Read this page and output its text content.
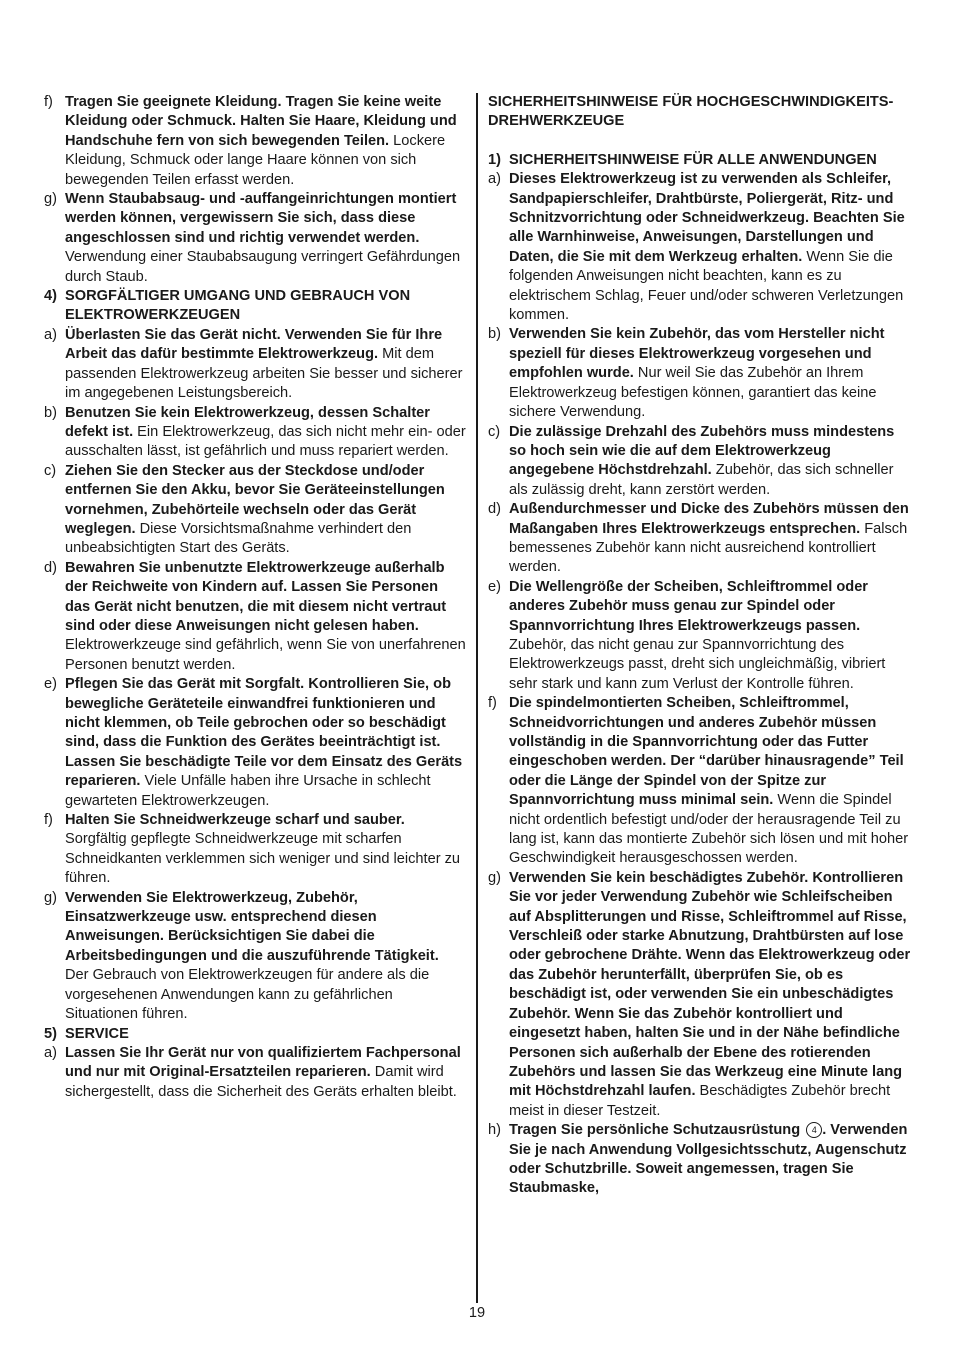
f) Tragen Sie geeignete Kleidung. Tragen Sie keine weite Kleidung oder Schmuck. Halten Sie Haare, Kleidung und Handschuhe fern von sich bewegenden Teilen. Lockere Kleidung, Schmuck oder lange Haare können von sich bewegenden Teilen erfasst werden.
g) Wenn Staubabsaug- und -auffangeinrichtungen montiert werden können, vergewissern Sie sich, dass diese angeschlossen sind und richtig verwendet werden. Verwendung einer Staubabsaugung verringert Gefährdungen durch Staub.
4) SORGFÄLTIGER UMGANG UND GEBRAUCH VON ELEKTROWERKZEUGEN
a) Überlasten Sie das Gerät nicht. Verwenden Sie für Ihre Arbeit das dafür bestimmte Elektrowerkzeug. Mit dem passenden Elektrowerkzeug arbeiten Sie besser und sicherer im angegebenen Leistungsbereich.
b) Benutzen Sie kein Elektrowerkzeug, dessen Schalter defekt ist. Ein Elektrowerkzeug, das sich nicht mehr ein- oder ausschalten lässt, ist gefährlich und muss repariert werden.
c) Ziehen Sie den Stecker aus der Steckdose und/oder entfernen Sie den Akku, bevor Sie Geräteeinstellungen vornehmen, Zubehörteile wechseln oder das Gerät weglegen. Diese Vorsichtsmaßnahme verhindert den unbeabsichtigten Start des Geräts.
d) Bewahren Sie unbenutzte Elektrowerkzeuge außerhalb der Reichweite von Kindern auf. Lassen Sie Personen das Gerät nicht benutzen, die mit diesem nicht vertraut sind oder diese Anweisungen nicht gelesen haben. Elektrowerkzeuge sind gefährlich, wenn Sie von unerfahrenen Personen benutzt werden.
e) Pflegen Sie das Gerät mit Sorgfalt. Kontrollieren Sie, ob bewegliche Geräteteile einwandfrei funktionieren und nicht klemmen, ob Teile gebrochen oder so beschädigt sind, dass die Funktion des Gerätes beeinträchtigt ist. Lassen Sie beschädigte Teile vor dem Einsatz des Geräts reparieren. Viele Unfälle haben ihre Ursache in schlecht gewarteten Elektrowerkzeugen.
f) Halten Sie Schneidwerkzeuge scharf und sauber. Sorgfältig gepflegte Schneidwerkzeuge mit scharfen Schneidkanten verklemmen sich weniger und sind leichter zu führen.
g) Verwenden Sie Elektrowerkzeug, Zubehör, Einsatzwerkzeuge usw. entsprechend diesen Anweisungen. Berücksichtigen Sie dabei die Arbeitsbedingungen und die auszuführende Tätigkeit. Der Gebrauch von Elektrowerkzeugen für andere als die vorgesehenen Anwendungen kann zu gefährlichen Situationen führen.
5) SERVICE
a) Lassen Sie Ihr Gerät nur von qualifiziertem Fachpersonal und nur mit Original-Ersatzteilen reparieren. Damit wird sichergestellt, dass die Sicherheit des Geräts erhalten bleibt.
SICHERHEITSHINWEISE FÜR HOCHGESCHWINDIGKEITS-DREHWERKZEUGE
1) SICHERHEITSHINWEISE FÜR ALLE ANWENDUNGEN
a) Dieses Elektrowerkzeug ist zu verwenden als Schleifer, Sandpapierschleifer, Drahtbürste, Poliergerät, Ritz- und Schnitzvorrichtung oder Schneidwerkzeug. Beachten Sie alle Warnhinweise, Anweisungen, Darstellungen und Daten, die Sie mit dem Werkzeug erhalten. Wenn Sie die folgenden Anweisungen nicht beachten, kann es zu elektrischem Schlag, Feuer und/oder schweren Verletzungen kommen.
b) Verwenden Sie kein Zubehör, das vom Hersteller nicht speziell für dieses Elektrowerkzeug vorgesehen und empfohlen wurde. Nur weil Sie das Zubehör an Ihrem Elektrowerkzeug befestigen können, garantiert das keine sichere Verwendung.
c) Die zulässige Drehzahl des Zubehörs muss mindestens so hoch sein wie die auf dem Elektrowerkzeug angegebene Höchstdrehzahl. Zubehör, das sich schneller als zulässig dreht, kann zerstört werden.
d) Außendurchmesser und Dicke des Zubehörs müssen den Maßangaben Ihres Elektrowerkzeugs entsprechen. Falsch bemessenes Zubehör kann nicht ausreichend kontrolliert werden.
e) Die Wellengröße der Scheiben, Schleiftrommel oder anderes Zubehör muss genau zur Spindel oder Spannvorrichtung Ihres Elektrowerkzeugs passen. Zubehör, das nicht genau zur Spannvorrichtung des Elektrowerkzeugs passt, dreht sich ungleichmäßig, vibriert sehr stark und kann zum Verlust der Kontrolle führen.
f) Die spindelmontierten Scheiben, Schleiftrommel, Schneidvorrichtungen und anderes Zubehör müssen vollständig in die Spannvorrichtung oder das Futter eingeschoben werden. Der “darüber hinausragende” Teil oder die Länge der Spindel von der Spitze zur Spannvorrichtung muss minimal sein. Wenn die Spindel nicht ordentlich befestigt und/oder der herausragende Teil zu lang ist, kann das montierte Zubehör sich lösen und mit hoher Geschwindigkeit herausgeschossen werden.
g) Verwenden Sie kein beschädigtes Zubehör. Kontrollieren Sie vor jeder Verwendung Zubehör wie Schleifscheiben auf Absplitterungen und Risse, Schleiftrommel auf Risse, Verschleiß oder starke Abnutzung, Drahtbürsten auf lose oder gebrochene Drähte. Wenn das Elektrowerkzeug oder das Zubehör herunterfällt, überprüfen Sie, ob es beschädigt ist, oder verwenden Sie ein unbeschädigtes Zubehör. Wenn Sie das Zubehör kontrolliert und eingesetzt haben, halten Sie und in der Nähe befindliche Personen sich außerhalb der Ebene des rotierenden Zubehörs und lassen Sie das Werkzeug eine Minute lang mit Höchstdrehzahl laufen. Beschädigtes Zubehör brecht meist in dieser Testzeit.
h) Tragen Sie persönliche Schutzausrüstung 4 . Verwenden Sie je nach Anwendung Vollgesichtsschutz, Augenschutz oder Schutzbrille. Soweit angemessen, tragen Sie Staubmaske,
19
